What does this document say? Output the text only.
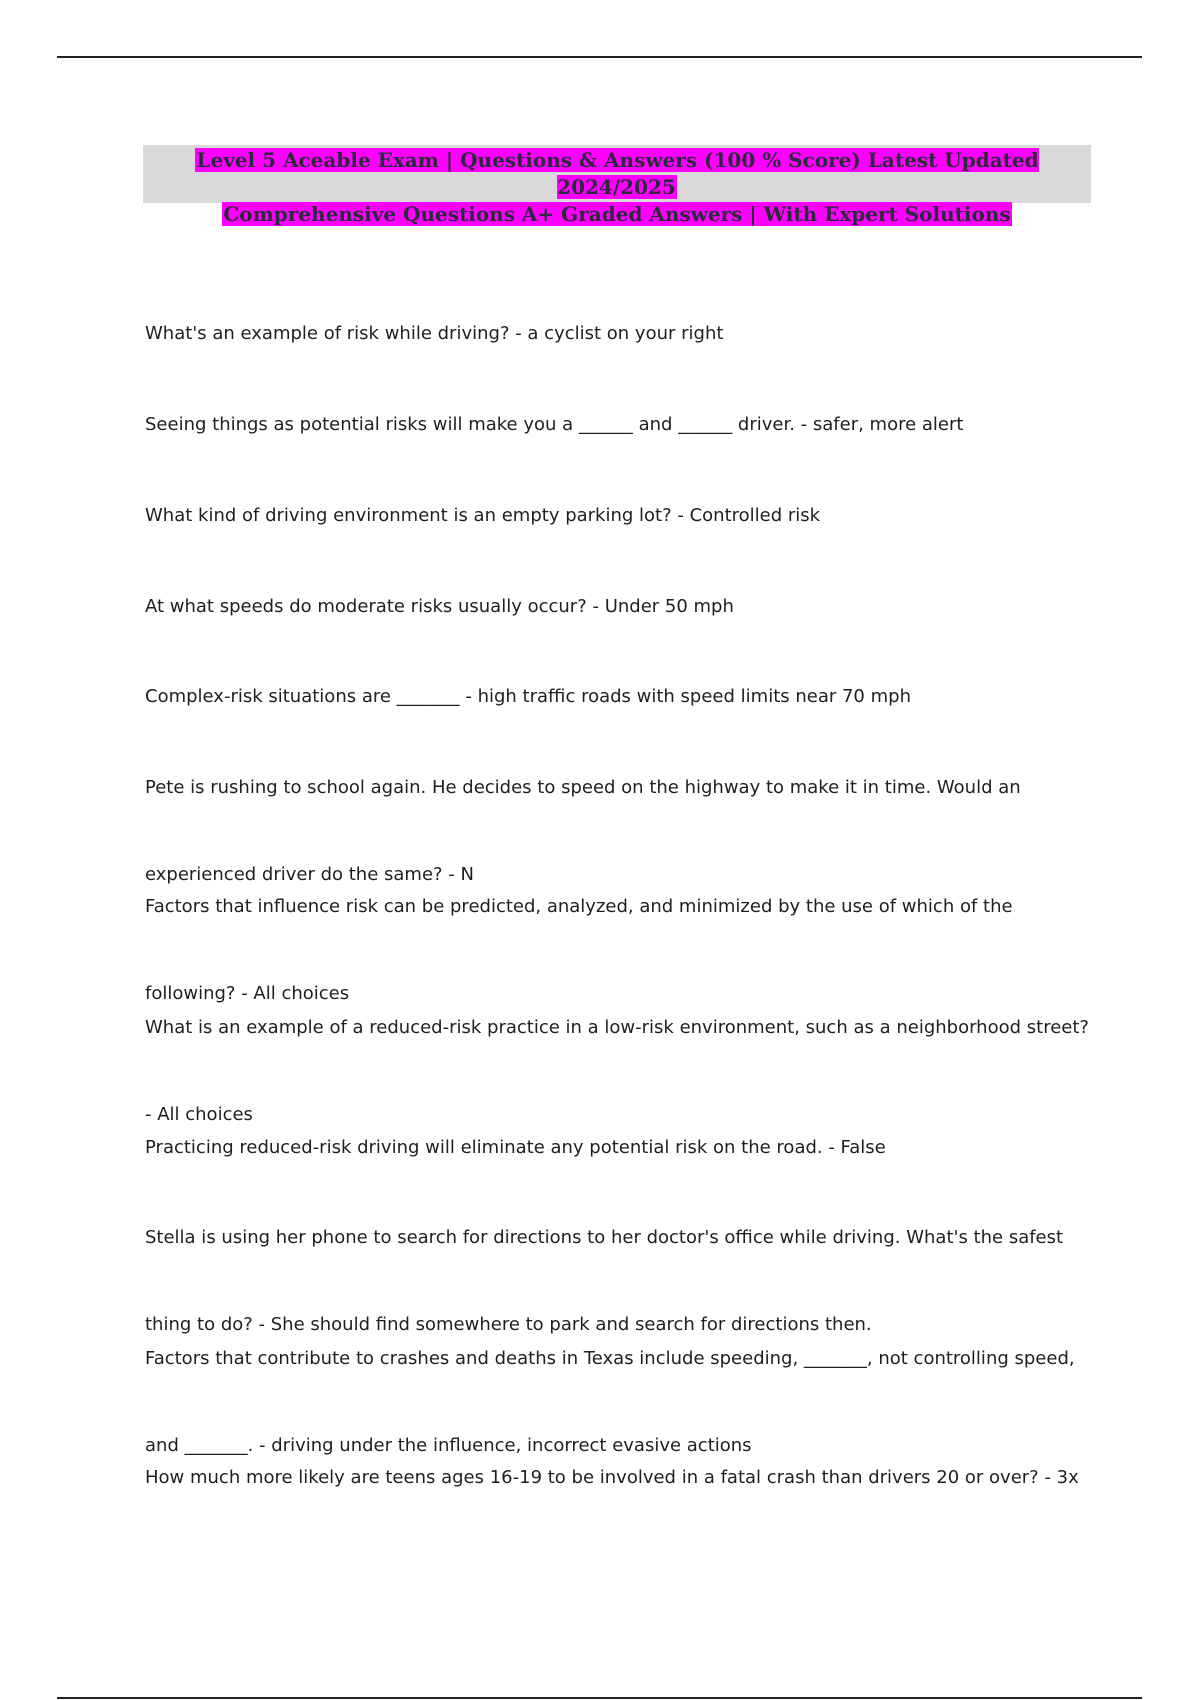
Level 5 Aceable Exam | Questions & Answers (100 % Score) Latest Updated 2024/2025
Comprehensive Questions A+ Graded Answers | With Expert Solutions

What's an example of risk while driving? - a cyclist on your right

Seeing things as potential risks will make you a ______ and ______ driver. - safer, more alert

What kind of driving environment is an empty parking lot? - Controlled risk

At what speeds do moderate risks usually occur? - Under 50 mph

Complex-risk situations are _______ - high traffic roads with speed limits near 70 mph

Pete is rushing to school again. He decides to speed on the highway to make it in time. Would an

experienced driver do the same? - N

Factors that influence risk can be predicted, analyzed, and minimized by the use of which of the

following? - All choices

What is an example of a reduced-risk practice in a low-risk environment, such as a neighborhood street?

- All choices

Practicing reduced-risk driving will eliminate any potential risk on the road. - False

Stella is using her phone to search for directions to her doctor's office while driving. What's the safest

thing to do? - She should find somewhere to park and search for directions then.

Factors that contribute to crashes and deaths in Texas include speeding, _______, not controlling speed,

and _______. - driving under the influence, incorrect evasive actions

How much more likely are teens ages 16-19 to be involved in a fatal crash than drivers 20 or over? - 3x
